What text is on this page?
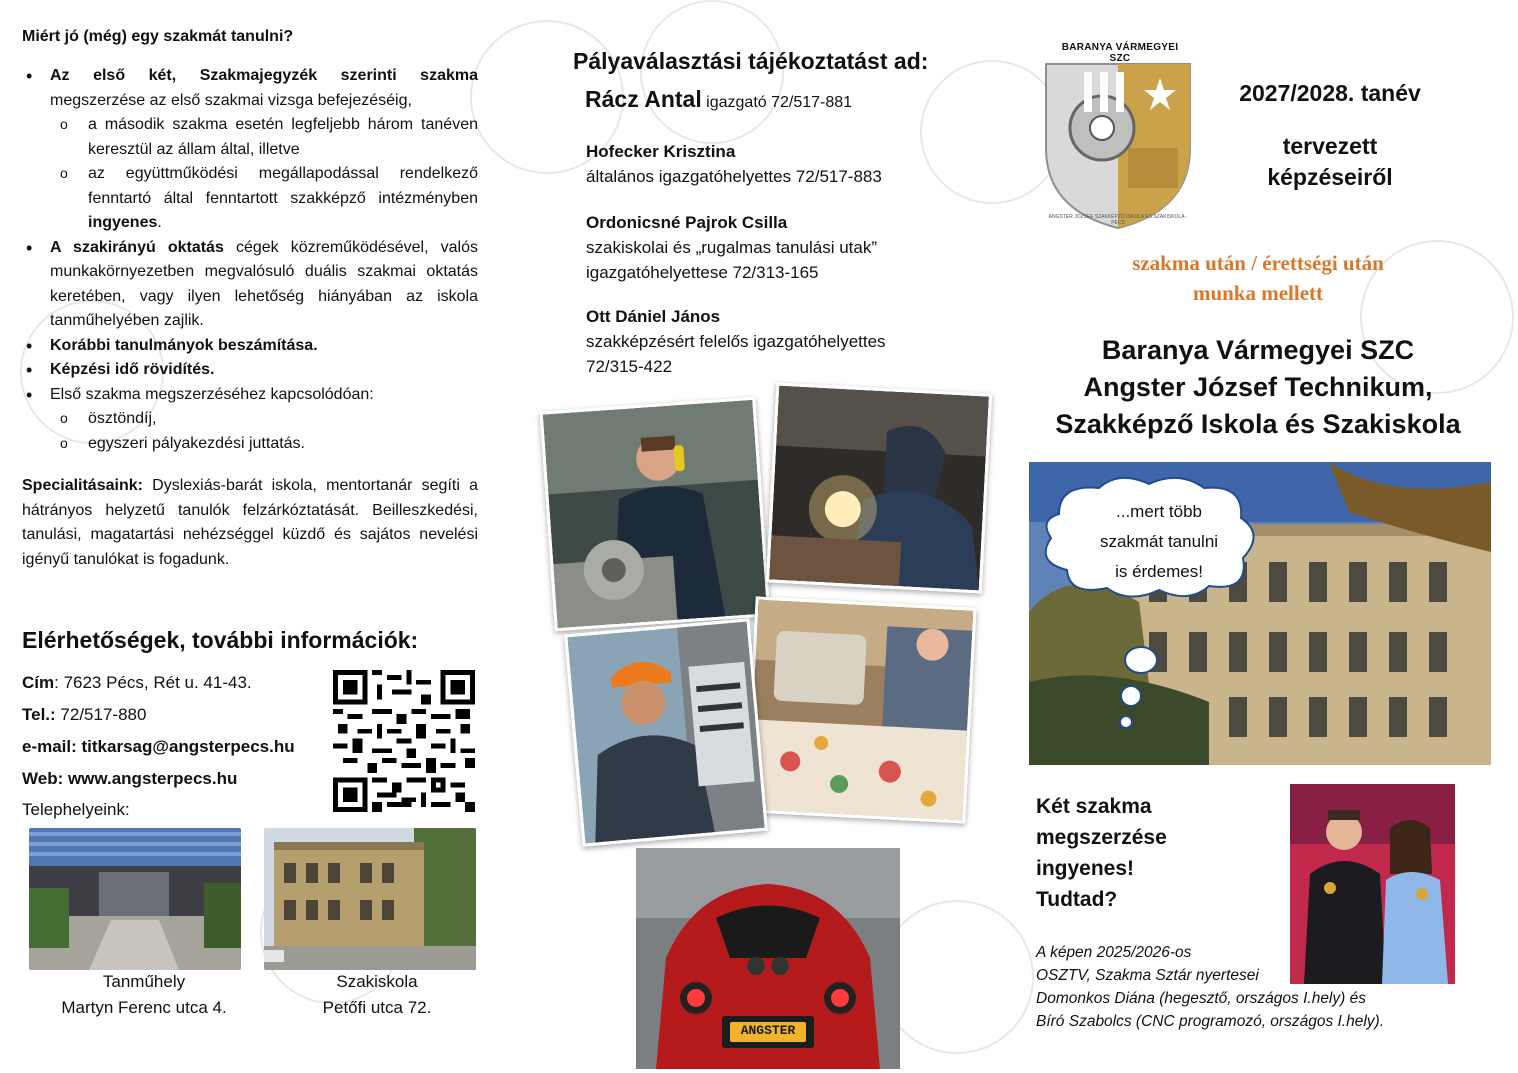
Miért jó (még) egy szakmát tanulni?

• Az első két, Szakmajegyzék szerinti szakma megszerzése az első szakmai vizsga befejezéséig,
o a második szakma esetén legfeljebb három tanéven keresztül az állam által, illetve
o az együttműködési megállapodással rendelkező fenntartó által fenntartott szakképző intézményben ingyenes.
• A szakirányú oktatás cégek közreműködésével, valós munkakörnyezetben megvalósuló duális szakmai oktatás keretében, vagy ilyen lehetőség hiányában az iskola tanműhelyében zajlik.
• Korábbi tanulmányok beszámítása.
• Képzési idő rövidítés.
• Első szakma megszerzéséhez kapcsolódóan:
o ösztöndíj,
o egyszeri pályakezdési juttatás.
Specialitásaink: Dyslexiás-barát iskola, mentortanár segíti a hátrányos helyzetű tanulók felzárkóztatását. Beilleszkedési, tanulási, magatartási nehézséggel küzdő és sajátos nevelési igényű tanulókat is fogadunk.
Elérhetőségek, további információk:
Cím: 7623 Pécs, Rét u. 41-43.
Tel.: 72/517-880
e-mail: titkarsag@angsterpecs.hu
Web: www.angsterpecs.hu
Telephelyeink:
Tanműhely
Martyn Ferenc utca 4.
Szakiskola
Petőfi utca 72.
Pályaválasztási tájékoztatást ad:
Rácz Antal igazgató 72/517-881
Hofecker Krisztina
általános igazgatóhelyettes 72/517-883
Ordonicsné Pajrok Csilla
szakiskolai és „rugalmas tanulási utak”
igazgatóhelyettese 72/313-165
Ott Dániel János
szakképzésért felelős igazgatóhelyettes
72/315-422
ANGSTER
BARANYA VÁRMEGYEI SZC
ANGSTER JÓZSEF SZAKKÉPZŐ ISKOLA ÉS SZAKISKOLA - PÉCS
2027/2028. tanév
tervezett
képzéseiről
szakma után / érettségi után
munka mellett
Baranya Vármegyei SZC
Angster József Technikum,
Szakképző Iskola és Szakiskola
...mert több
szakmát tanulni
is érdemes!
Két szakma
megszerzése
ingyenes!
Tudtad?
A képen 2025/2026-os
OSZTV, Szakma Sztár nyertesei
Domonkos Diána (hegesztő, országos I.hely) és
Bíró Szabolcs (CNC programozó, országos I.hely).
